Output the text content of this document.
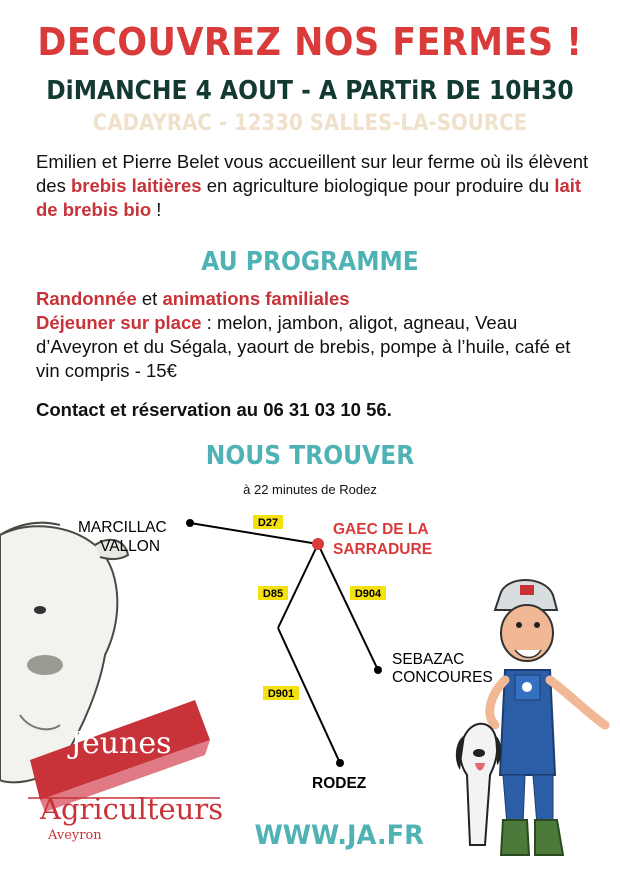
DECOUVREZ NOS FERMES !
DiMANCHE 4 AOUT - A PARTiR DE 10H30
CADAYRAC - 12330 SALLES-LA-SOURCE
Emilien et Pierre Belet vous accueillent sur leur ferme où ils élèvent des brebis laitières en agriculture biologique pour produire du lait de brebis bio !
AU PROGRAMME
Randonnée et animations familiales
Déjeuner sur place : melon, jambon, aligot, agneau, Veau d’Aveyron et du Ségala, yaourt de brebis, pompe à l’huile, café et vin compris - 15€
Contact et réservation au 06 31 03 10 56.
NOUS TROUVER
à 22 minutes de Rodez
D27
D85	D904
D901
MARCILLAC
VALLON
GAEC DE LA
SARRADURE
SEBAZAC
CONCOURES
RODEZ
Jeunes
Agriculteurs
Aveyron	WWW.JA.FR
